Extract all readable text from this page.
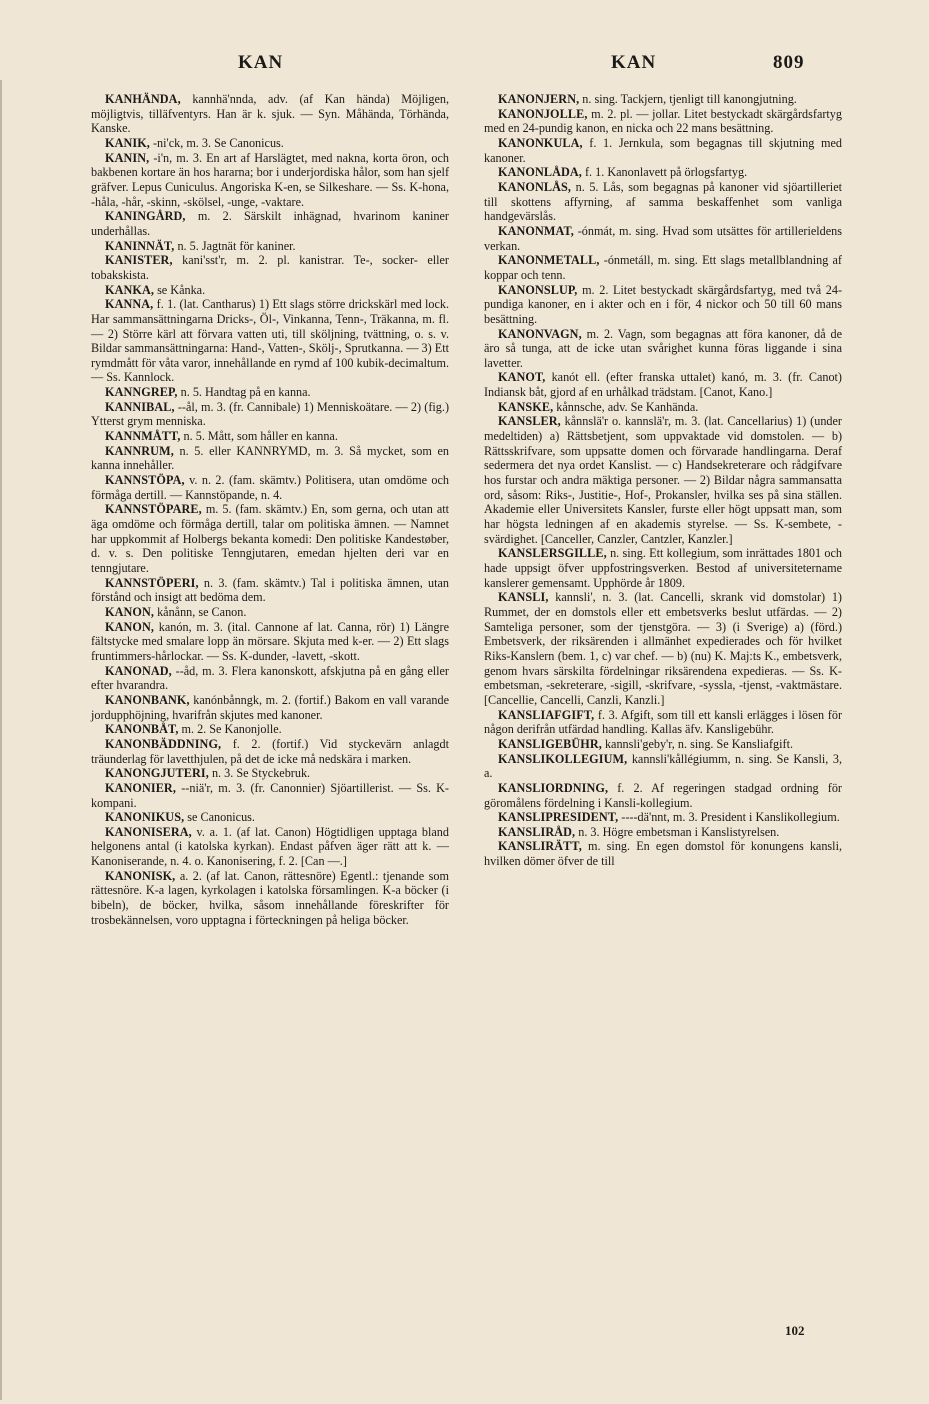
KAN	KAN	809

KANHÄNDA, kannhä'nnda, adv. (af Kan hända) Möjligen, möjligtvis, tilläfventyrs. Han är k. sjuk. — Syn. Måhända, Törhända, Kanske.

KANIK, -ni'ck, m. 3. Se Canonicus.

KANIN, -i'n, m. 3. En art af Harslägtet, med nakna, korta öron, och bakbenen kortare än hos hararna; bor i underjordiska hålor, som han sjelf gräfver. Lepus Cuniculus. Angoriska K-en, se Silkeshare. — Ss. K-hona, -håla, -hår, -skinn, -skölsel, -unge, -vaktare.

KANINGÅRD, m. 2. Särskilt inhägnad, hvarinom kaniner underhållas.

KANINNÄT, n. 5. Jagtnät för kaniner.

KANISTER, kani'sst'r, m. 2. pl. kanistrar. Te-, socker- eller tobakskista.

KANKA, se Kånka.

KANNA, f. 1. (lat. Cantharus) 1) Ett slags större drickskärl med lock. Har sammansättningarna Dricks-, Öl-, Vinkanna, Tenn-, Träkanna, m. fl. — 2) Större kärl att förvara vatten uti, till sköljning, tvättning, o. s. v. Bildar sammansättningarna: Hand-, Vatten-, Skölj-, Sprutkanna. — 3) Ett rymdmått för våta varor, innehållande en rymd af 100 kubik-decimaltum. — Ss. Kannlock.

KANNGREP, n. 5. Handtag på en kanna.

KANNIBAL, --ål, m. 3. (fr. Cannibale) 1) Menniskoätare. — 2) (fig.) Ytterst grym menniska.

KANNMÅTT, n. 5. Mått, som håller en kanna.

KANNRUM, n. 5. eller KANNRYMD, m. 3. Så mycket, som en kanna innehåller.

KANNSTÖPA, v. n. 2. (fam. skämtv.) Politisera, utan omdöme och förmåga dertill. — Kannstöpande, n. 4.

KANNSTÖPARE, m. 5. (fam. skämtv.) En, som gerna, och utan att äga omdöme och förmåga dertill, talar om politiska ämnen. — Namnet har uppkommit af Holbergs bekanta komedi: Den politiske Kandestøber, d. v. s. Den politiske Tenngjutaren, emedan hjelten deri var en tenngjutare.

KANNSTÖPERI, n. 3. (fam. skämtv.) Tal i politiska ämnen, utan förstånd och insigt att bedöma dem.

KANON, kånånn, se Canon.

KANON, kanón, m. 3. (ital. Cannone af lat. Canna, rör) 1) Längre fältstycke med smalare lopp än mörsare. Skjuta med k-er. — 2) Ett slags fruntimmers-hårlockar. — Ss. K-dunder, -lavett, -skott.

KANONAD, --åd, m. 3. Flera kanonskott, afskjutna på en gång eller efter hvarandra.

KANONBANK, kanónbånngk, m. 2. (fortif.) Bakom en vall varande jordupphöjning, hvarifrån skjutes med kanoner.

KANONBÅT, m. 2. Se Kanonjolle.

KANONBÄDDNING, f. 2. (fortif.) Vid styckevärn anlagdt träunderlag för lavetthjulen, på det de icke må nedskära i marken.

KANONGJUTERI, n. 3. Se Styckebruk.

KANONIER, --niä'r, m. 3. (fr. Canonnier) Sjöartillerist. — Ss. K-kompani.

KANONIKUS, se Canonicus.

KANONISERA, v. a. 1. (af lat. Canon) Högtidligen upptaga bland helgonens antal (i katolska kyrkan). Endast påfven äger rätt att k. — Kanoniserande, n. 4. o. Kanonisering, f. 2. [Can —.]

KANONISK, a. 2. (af lat. Canon, rättesnöre) Egentl.: tjenande som rättesnöre. K-a lagen, kyrkolagen i katolska församlingen. K-a böcker (i bibeln), de böcker, hvilka, såsom innehållande föreskrifter för trosbekännelsen, voro upptagna i förteckningen på heliga böcker.

KANONJERN, n. sing. Tackjern, tjenligt till kanongjutning.

KANONJOLLE, m. 2. pl. — jollar. Litet bestyckadt skärgårdsfartyg med en 24-pundig kanon, en nicka och 22 mans besättning.

KANONKULA, f. 1. Jernkula, som begagnas till skjutning med kanoner.

KANONLÅDA, f. 1. Kanonlavett på örlogsfartyg.

KANONLÅS, n. 5. Lås, som begagnas på kanoner vid sjöartilleriet till skottens affyrning, af samma beskaffenhet som vanliga handgevärslås.

KANONMAT, -ónmát, m. sing. Hvad som utsättes för artillerieldens verkan.

KANONMETALL, -ónmetáll, m. sing. Ett slags metallblandning af koppar och tenn.

KANONSLUP, m. 2. Litet bestyckadt skärgårdsfartyg, med två 24-pundiga kanoner, en i akter och en i för, 4 nickor och 50 till 60 mans besättning.

KANONVAGN, m. 2. Vagn, som begagnas att föra kanoner, då de äro så tunga, att de icke utan svårighet kunna föras liggande i sina lavetter.

KANOT, kanót ell. (efter franska uttalet) kanó, m. 3. (fr. Canot) Indiansk båt, gjord af en urhålkad trädstam. [Canot, Kano.]

KANSKE, kånnsche, adv. Se Kanhända.

KANSLER, kånnslä'r o. kannslä'r, m. 3. (lat. Cancellarius) 1) (under medeltiden) a) Rättsbetjent, som uppvaktade vid domstolen. — b) Rättsskrifvare, som uppsatte domen och förvarade handlingarna. Deraf sedermera det nya ordet Kanslist. — c) Handsekreterare och rådgifvare hos furstar och andra mäktiga personer. — 2) Bildar några sammansatta ord, såsom: Riks-, Justitie-, Hof-, Prokansler, hvilka ses på sina ställen. Akademie eller Universitets Kansler, furste eller högt uppsatt man, som har högsta ledningen af en akademis styrelse. — Ss. K-sembete, -svärdighet. [Canceller, Canzler, Cantzler, Kanzler.]

KANSLERSGILLE, n. sing. Ett kollegium, som inrättades 1801 och hade uppsigt öfver uppfostringsverken. Bestod af universitetername kanslerer gemensamt. Upphörde år 1809.

KANSLI, kannsli', n. 3. (lat. Cancelli, skrank vid domstolar) 1) Rummet, der en domstols eller ett embetsverks beslut utfärdas. — 2) Samteliga personer, som der tjenstgöra. — 3) (i Sverige) a) (förd.) Embetsverk, der riksärenden i allmänhet expedierades och för hvilket Riks-Kanslern (bem. 1, c) var chef. — b) (nu) K. Maj:ts K., embetsverk, genom hvars särskilta fördelningar riksärendena expedieras. — Ss. K-embetsman, -sekreterare, -sigill, -skrifvare, -syssla, -tjenst, -vaktmästare. [Cancellie, Cancelli, Canzli, Kanzli.]

KANSLIAFGIFT, f. 3. Afgift, som till ett kansli erlägges i lösen för någon derifrån utfärdad handling. Kallas äfv. Kansligebühr.

KANSLIGEBÜHR, kannsli'geby'r, n. sing. Se Kansliafgift.

KANSLIKOLLEGIUM, kannsli'kållégiumm, n. sing. Se Kansli, 3, a.

KANSLIORDNING, f. 2. Af regeringen stadgad ordning för göromålens fördelning i Kansli-kollegium.

KANSLIPRESIDENT, ----dä'nnt, m. 3. President i Kanslikollegium.

KANSLIRÅD, n. 3. Högre embetsman i Kanslistyrelsen.

KANSLIRÄTT, m. sing. En egen domstol för konungens kansli, hvilken dömer öfver de till

102
